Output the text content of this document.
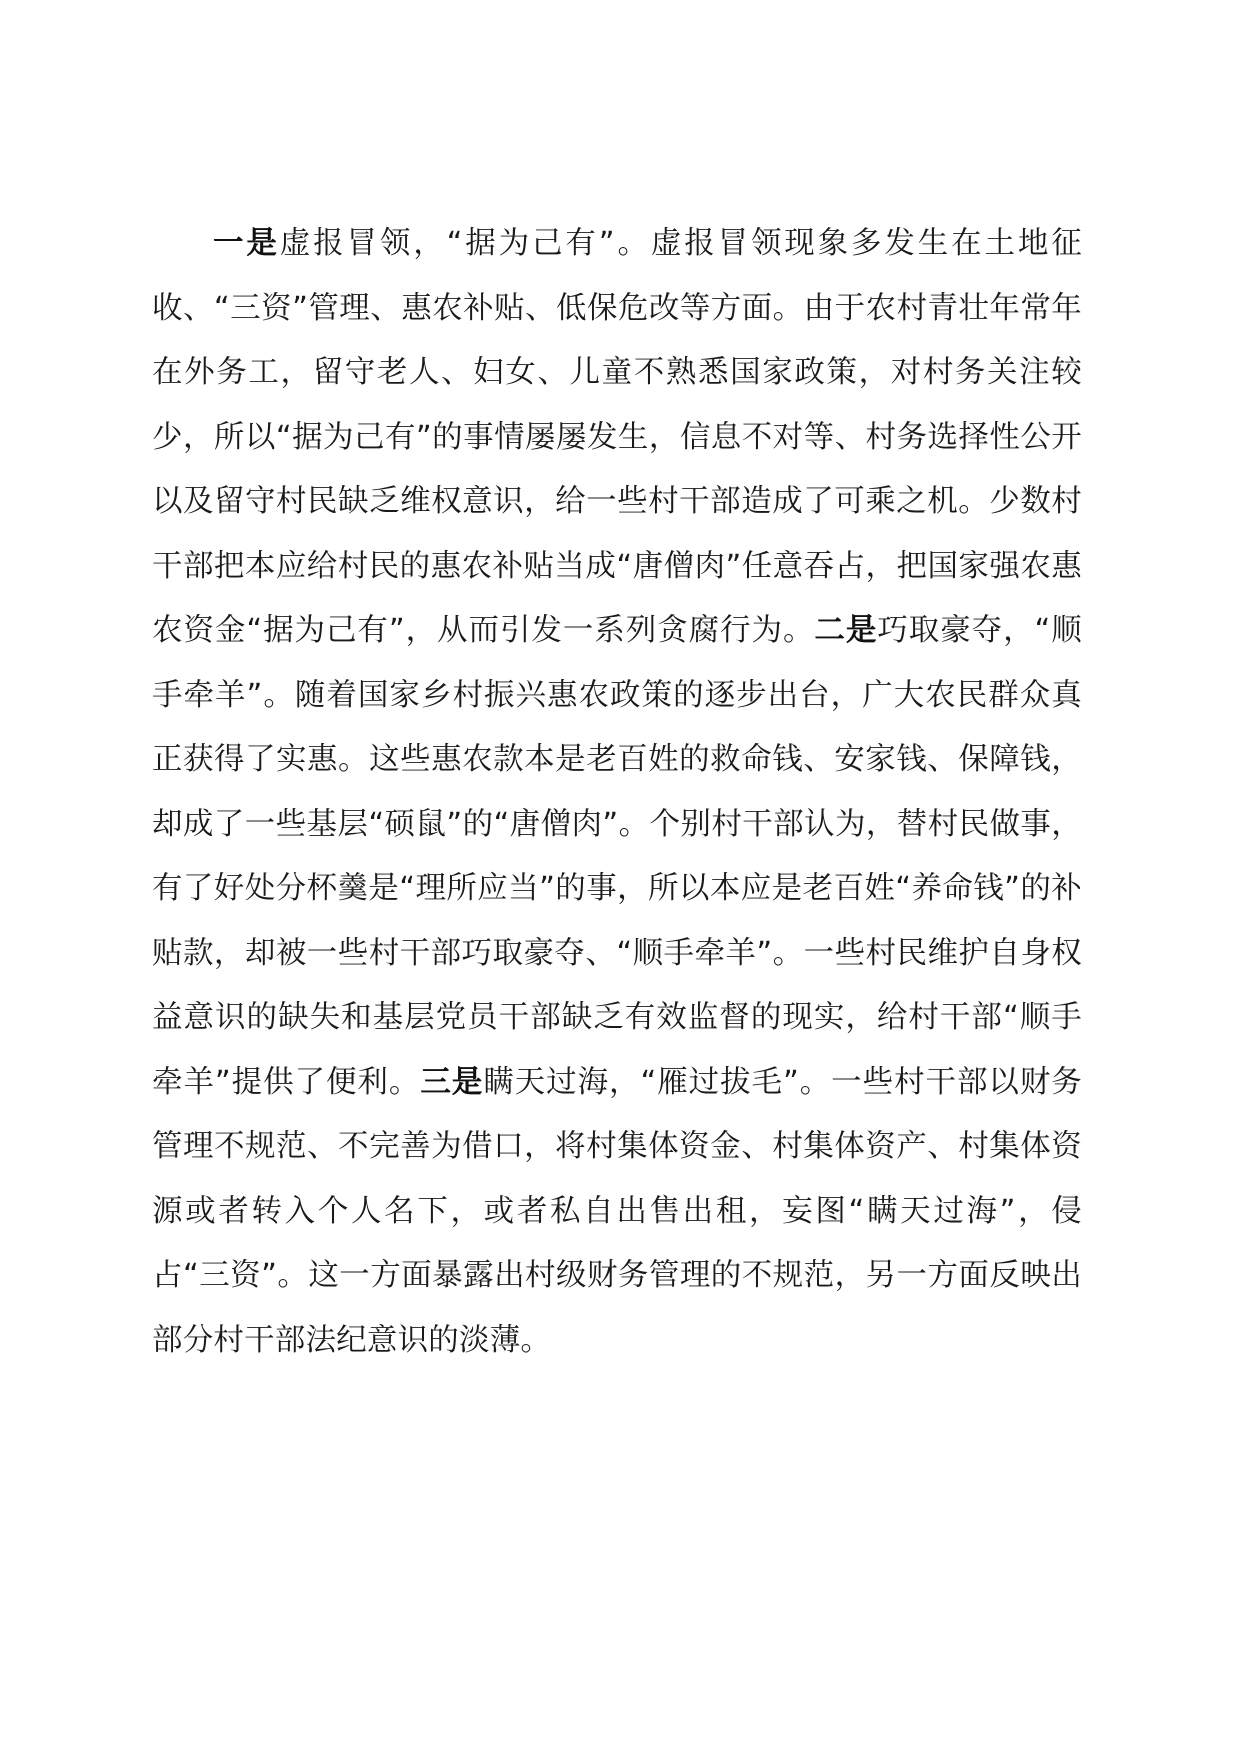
一是虚报冒领，“据为己有”。虚报冒领现象多发生在土地征收、“三资”管理、惠农补贴、低保危改等方面。由于农村青壮年常年在外务工，留守老人、妇女、儿童不熟悉国家政策，对村务关注较少，所以“据为己有”的事情屡屡发生，信息不对等、村务选择性公开以及留守村民缺乏维权意识，给一些村干部造成了可乘之机。少数村干部把本应给村民的惠农补贴当成“唐僧肉”任意吞占，把国家强农惠农资金“据为己有”，从而引发一系列贪腐行为。二是巧取豪夺，“顺手牵羊”。随着国家乡村振兴惠农政策的逐步出台，广大农民群众真正获得了实惠。这些惠农款本是老百姓的救命钱、安家钱、保障钱，却成了一些基层“硕鼠”的“唐僧肉”。个别村干部认为，替村民做事，有了好处分杯羹是“理所应当”的事，所以本应是老百姓“养命钱”的补贴款，却被一些村干部巧取豪夺、“顺手牵羊”。一些村民维护自身权益意识的缺失和基层党员干部缺乏有效监督的现实，给村干部“顺手牵羊”提供了便利。三是瞒天过海，“雁过拔毛”。一些村干部以财务管理不规范、不完善为借口，将村集体资金、村集体资产、村集体资源或者转入个人名下，或者私自出售出租，妄图“瞒天过海”，侵占“三资”。这一方面暴露出村级财务管理的不规范，另一方面反映出部分村干部法纪意识的淡薄。
